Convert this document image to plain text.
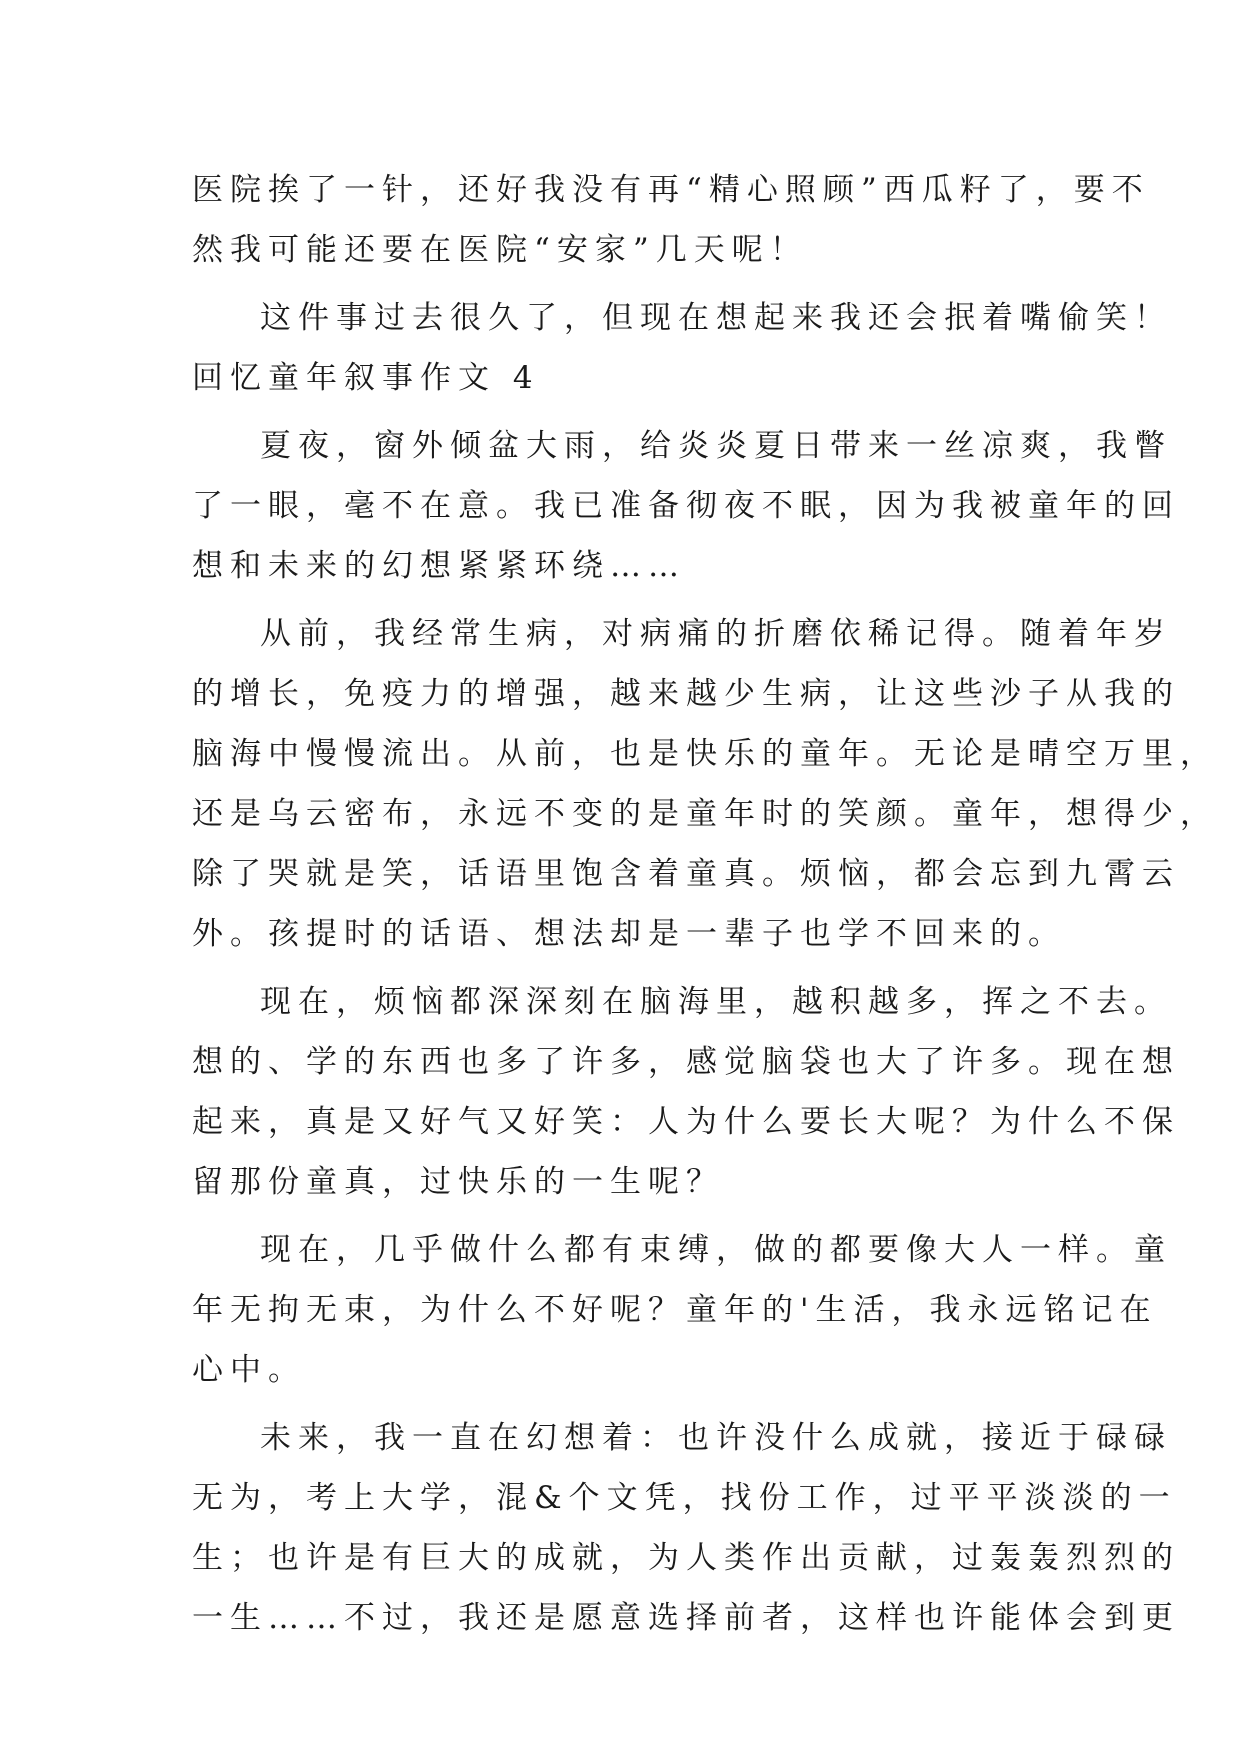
医院挨了一针，还好我没有再“精心照顾”西瓜籽了，要不
然我可能还要在医院“安家”几天呢！
这件事过去很久了，但现在想起来我还会抿着嘴偷笑！
回忆童年叙事作文 4
夏夜，窗外倾盆大雨，给炎炎夏日带来一丝凉爽，我瞥
了一眼，毫不在意。我已准备彻夜不眠，因为我被童年的回
想和未来的幻想紧紧环绕……
从前，我经常生病，对病痛的折磨依稀记得。随着年岁
的增长，免疫力的增强，越来越少生病，让这些沙子从我的
脑海中慢慢流出。从前，也是快乐的童年。无论是晴空万里，
还是乌云密布，永远不变的是童年时的笑颜。童年，想得少，
除了哭就是笑，话语里饱含着童真。烦恼，都会忘到九霄云
外。孩提时的话语、想法却是一辈子也学不回来的。
现在，烦恼都深深刻在脑海里，越积越多，挥之不去。
想的、学的东西也多了许多，感觉脑袋也大了许多。现在想
起来，真是又好气又好笑：人为什么要长大呢？为什么不保
留那份童真，过快乐的一生呢？
现在，几乎做什么都有束缚，做的都要像大人一样。童
年无拘无束，为什么不好呢？童年的'生活，我永远铭记在
心中。
未来，我一直在幻想着：也许没什么成就，接近于碌碌
无为，考上大学，混&个文凭，找份工作，过平平淡淡的一
生；也许是有巨大的成就，为人类作出贡献，过轰轰烈烈的
一生……不过，我还是愿意选择前者，这样也许能体会到更
